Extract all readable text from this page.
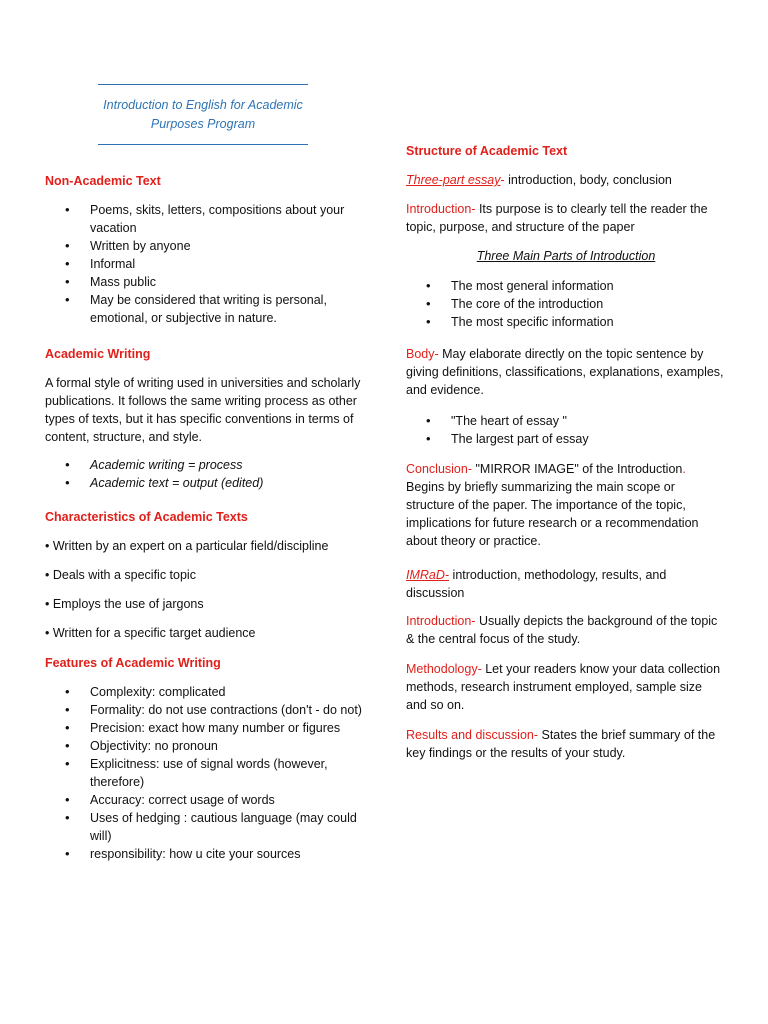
Introduction to English for Academic
Purposes Program

Non-Academic Text

• Poems, skits, letters, compositions about your vacation
• Written by anyone
• Informal
• Mass public
• May be considered that writing is personal, emotional, or subjective in nature.

Academic Writing

A formal style of writing used in universities and scholarly publications. It follows the same writing process as other types of texts, but it has specific conventions in terms of content, structure, and style.

• Academic writing = process
• Academic text = output (edited)

Characteristics of Academic Texts

• Written by an expert on a particular field/discipline

• Deals with a specific topic

• Employs the use of jargons

• Written for a specific target audience

Features of Academic Writing

• Complexity: complicated
• Formality: do not use contractions (don't - do not)
• Precision: exact how many number or figures
• Objectivity: no pronoun
• Explicitness: use of signal words (however, therefore)
• Accuracy: correct usage of words
• Uses of hedging : cautious language (may could will)
• responsibility: how u cite your sources

Structure of Academic Text

Three-part essay- introduction, body, conclusion

Introduction- Its purpose is to clearly tell the reader the topic, purpose, and structure of the paper

Three Main Parts of Introduction

• The most general information
• The core of the introduction
• The most specific information

Body- May elaborate directly on the topic sentence by giving definitions, classifications, explanations, examples, and evidence.

• "The heart of essay "
• The largest part of essay

Conclusion- "MIRROR IMAGE" of the Introduction. Begins by briefly summarizing the main scope or structure of the paper. The importance of the topic, implications for future research or a recommendation about theory or practice.

IMRaD- introduction, methodology, results, and discussion

Introduction- Usually depicts the background of the topic & the central focus of the study.

Methodology- Let your readers know your data collection methods, research instrument employed, sample size and so on.

Results and discussion- States the brief summary of the key findings or the results of your study.
